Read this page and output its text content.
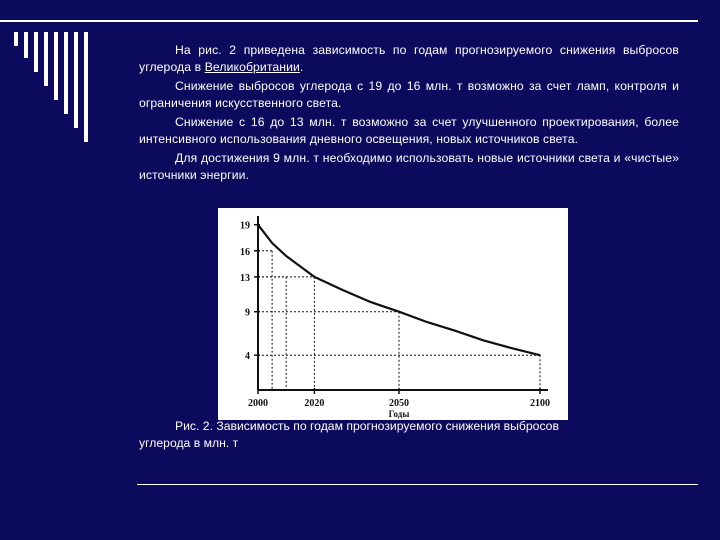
На рис. 2 приведена зависимость по годам прогнозируемого снижения выбросов углерода в Великобритании.

Снижение выбросов углерода с 19 до 16 млн. т возможно за счет ламп, контроля и ограничения искусственного света.

Снижение с 16 до 13 млн. т возможно за счет улучшенного проектирования, более интенсивного использования дневного освещения, новых источников света.

Для достижения 9 млн. т необходимо использовать новые источники света и «чистые» источники энергии.

4
9
13
16
19
2000	2020	2050	2100
Годы
Рис. 2. Зависимость по годам прогнозируемого снижения выбросов
углерода в млн. т
